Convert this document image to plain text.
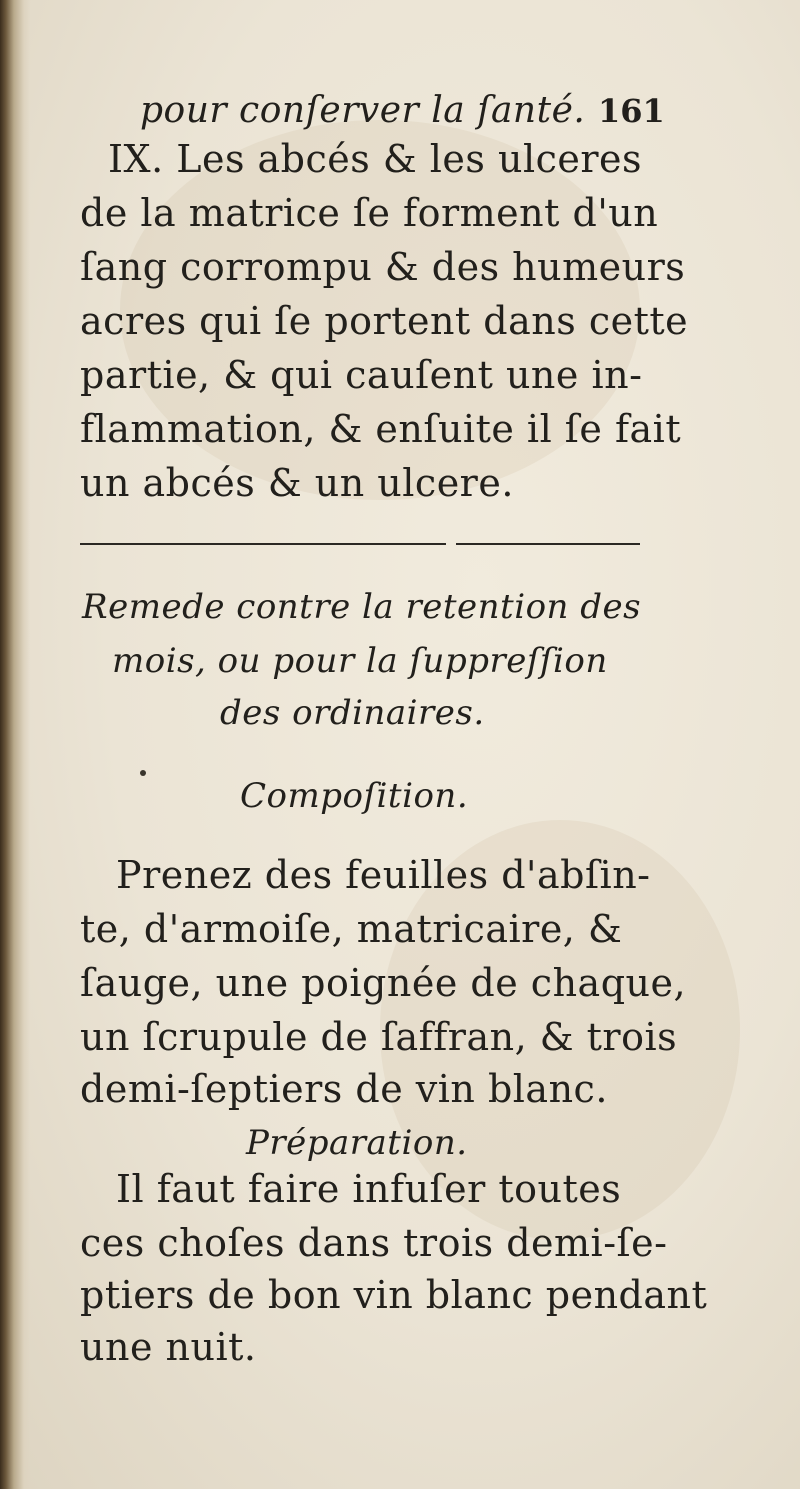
pour conſerver la ſanté. 161
IX. Les abcés & les ulceres
de la matrice ſe forment d'un
ſang corrompu & des humeurs
acres qui ſe portent dans cette
partie, & qui cauſent une in-
flammation, & enſuite il ſe fait
un abcés & un ulcere.
Remede contre la retention des
mois, ou pour la ſuppreſſion
des ordinaires.
Compoſition.
Prenez des feuilles d'abſin-
te, d'armoiſe, matricaire, &
ſauge, une poignée de chaque,
un ſcrupule de ſaffran, & trois
demi-ſeptiers de vin blanc.
Préparation.
Il faut faire infuſer toutes
ces choſes dans trois demi-ſe-
ptiers de bon vin blanc pendant
une nuit.
